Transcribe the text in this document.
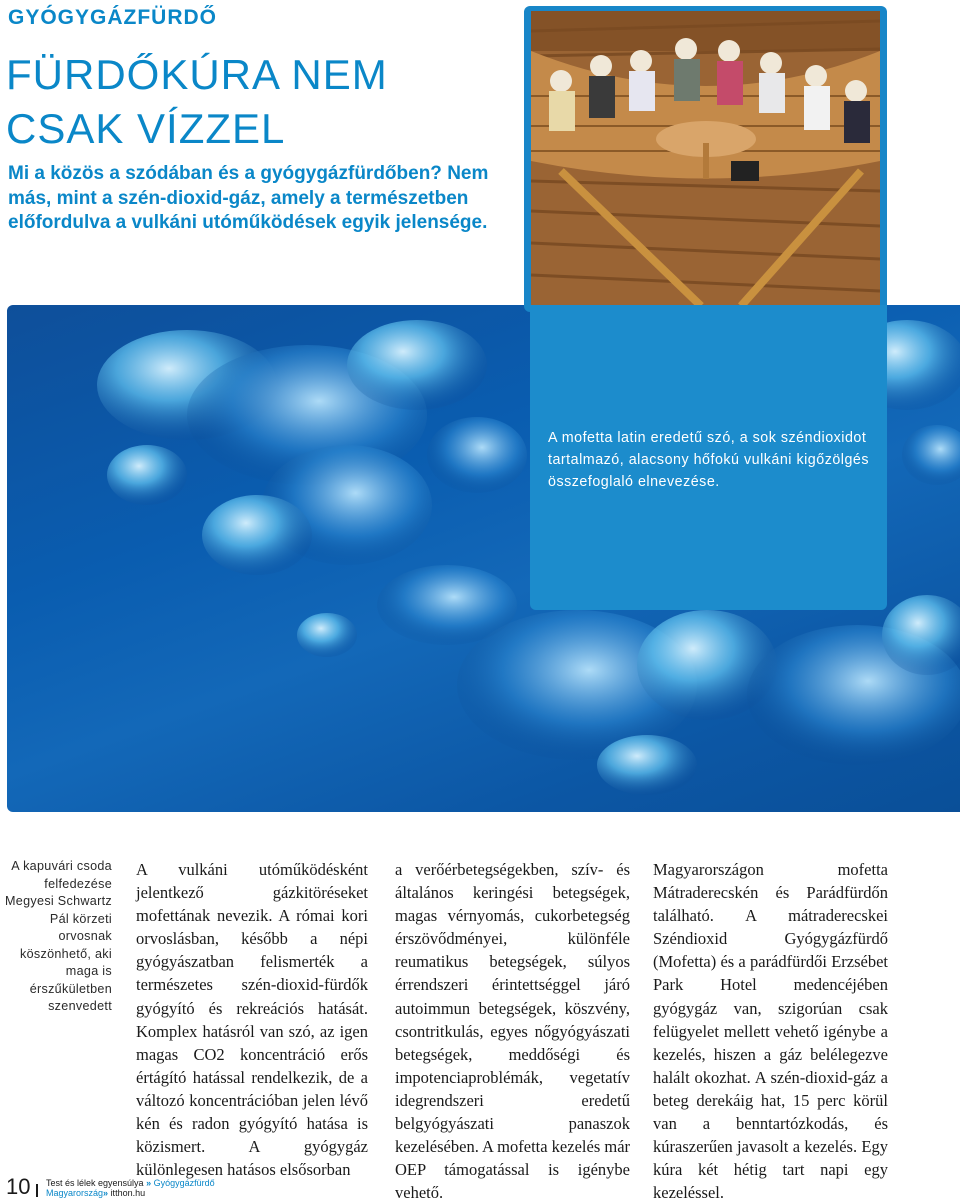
GYÓGYGÁZFÜRDŐ
FÜRDŐKÚRA NEM
CSAK VÍZZEL

Mi a közös a szódában és a gyógygázfürdőben? Nem más, mint a szén-dioxid-gáz, amely a természetben előfordulva a vulkáni utóműködések egyik jelensége.

A mofetta latin eredetű szó, a sok széndioxidot tartalmazó, alacsony hőfokú vulkáni kigőzölgés összefoglaló elnevezése.

A kapuvári csoda felfedezése Megyesi Schwartz Pál körzeti orvosnak köszönhető, aki maga is érszűkületben szenvedett

A vulkáni utóműködésként jelentkező gázkitöréseket mofettának nevezik. A római kori orvoslásban, később a népi gyógyászatban felismerték a természetes szén-dioxid-fürdők gyógyító és rekreációs hatását. Komplex hatásról van szó, az igen magas CO2 koncentráció erős értágító hatással rendelkezik, de a változó koncentrációban jelen lévő kén és radon gyógyító hatása is közismert. A gyógygáz különlegesen hatásos elsősorban

a verőérbetegségekben, szív- és általános keringési betegségek, magas vérnyomás, cukorbetegség érszövődményei, különféle reumatikus betegségek, súlyos érrendszeri érintettséggel járó autoimmun betegségek, köszvény, csontritkulás, egyes nőgyógyászati betegségek, meddőségi és impotenciaproblémák, vegetatív idegrendszeri eredetű belgyógyászati panaszok kezelésében. A mofetta kezelés már OEP támogatással is igénybe vehető.

Magyarországon mofetta Mátraderecskén és Parádfürdőn található. A mátraderecskei Széndioxid Gyógygázfürdő (Mofetta) és a parádfürdői Erzsébet Park Hotel medencéjében gyógygáz van, szigorúan csak felügyelet mellett vehető igénybe a kezelés, hiszen a gáz belélegezve halált okozhat. A szén-dioxid-gáz a beteg derekáig hat, 15 perc körül van a benntartózkodás, és kúraszerűen javasolt a kezelés. Egy kúra két hétig tart napi egy kezeléssel.

10 Test és lélek egyensúlya » Gyógygázfürdő
Magyarország» itthon.hu
